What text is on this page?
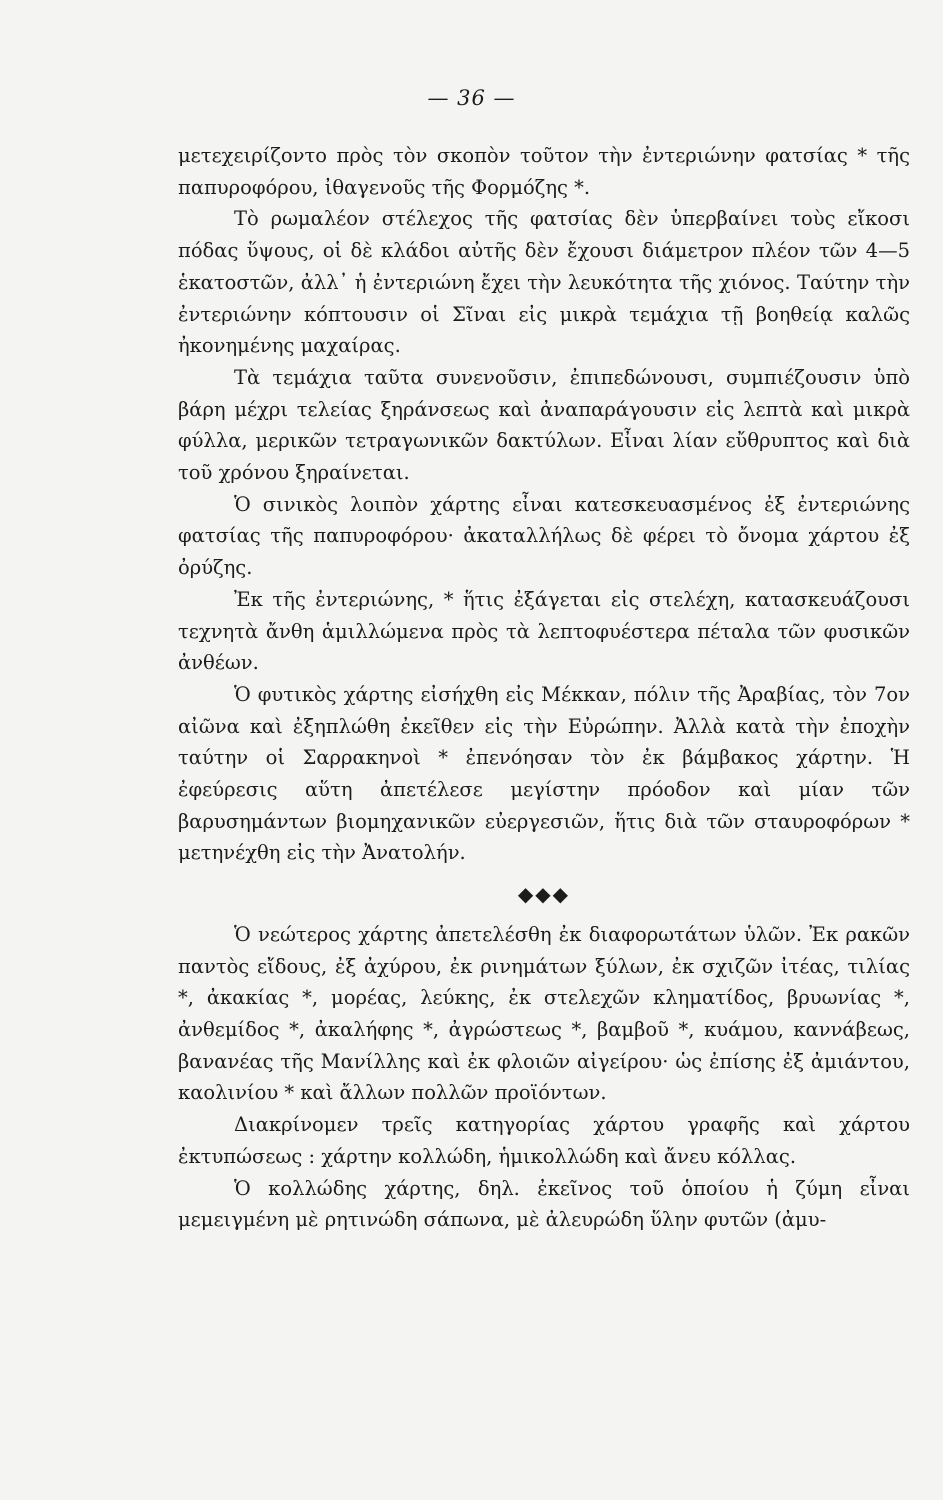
— 36 —

μετεχειρίζοντο πρὸς τὸν σκοπὸν τοῦτον τὴν ἐντεριώνην φατσίας * τῆς παπυροφόρου, ἰθαγενοῦς τῆς Φορμόζης *.

Τὸ ρωμαλέον στέλεχος τῆς φατσίας δὲν ὑπερβαίνει τοὺς εἴκοσι πόδας ὕψους, οἱ δὲ κλάδοι αὐτῆς δὲν ἔχουσι διάμετρον πλέον τῶν 4—5 ἑκατοστῶν, ἀλλ᾽ ἡ ἐντεριώνη ἔχει τὴν λευκότητα τῆς χιόνος. Ταύτην τὴν ἐντεριώνην κόπτουσιν οἱ Σῖναι εἰς μικρὰ τεμάχια τῇ βοηθείᾳ καλῶς ἠκονημένης μαχαίρας.

Τὰ τεμάχια ταῦτα συνενοῦσιν, ἐπιπεδώνουσι, συμπιέζουσιν ὑπὸ βάρη μέχρι τελείας ξηράνσεως καὶ ἀναπαράγουσιν εἰς λεπτὰ καὶ μικρὰ φύλλα, μερικῶν τετραγωνικῶν δακτύλων. Εἶναι λίαν εὔθρυπτος καὶ διὰ τοῦ χρόνου ξηραίνεται.

Ὁ σινικὸς λοιπὸν χάρτης εἶναι κατεσκευασμένος ἐξ ἐντεριώνης φατσίας τῆς παπυροφόρου· ἀκαταλλήλως δὲ φέρει τὸ ὄνομα χάρτου ἐξ ὀρύζης.

Ἐκ τῆς ἐντεριώνης, * ἥτις ἐξάγεται εἰς στελέχη, κατασκευάζουσι τεχνητὰ ἄνθη ἁμιλλώμενα πρὸς τὰ λεπτοφυέστερα πέταλα τῶν φυσικῶν ἀνθέων.

Ὁ φυτικὸς χάρτης εἰσήχθη εἰς Μέκκαν, πόλιν τῆς Ἀραβίας, τὸν 7ον αἰῶνα καὶ ἐξηπλώθη ἐκεῖθεν εἰς τὴν Εὐρώπην. Ἀλλὰ κατὰ τὴν ἐποχὴν ταύτην οἱ Σαρρακηνοὶ * ἐπενόησαν τὸν ἐκ βάμβακος χάρτην. Ἡ ἐφεύρεσις αὕτη ἀπετέλεσε μεγίστην πρόοδον καὶ μίαν τῶν βαρυσημάντων βιομηχανικῶν εὐεργεσιῶν, ἥτις διὰ τῶν σταυροφόρων * μετηνέχθη εἰς τὴν Ἀνατολήν.

◆◆◆

Ὁ νεώτερος χάρτης ἀπετελέσθη ἐκ διαφορωτάτων ὑλῶν. Ἐκ ρακῶν παντὸς εἴδους, ἐξ ἀχύρου, ἐκ ρινημάτων ξύλων, ἐκ σχιζῶν ἰτέας, τιλίας *, ἀκακίας *, μορέας, λεύκης, ἐκ στελεχῶν κληματίδος, βρυωνίας *, ἀνθεμίδος *, ἀκαλήφης *, ἀγρώστεως *, βαμβοῦ *, κυάμου, καννάβεως, βανανέας τῆς Μανίλλης καὶ ἐκ φλοιῶν αἰγείρου· ὡς ἐπίσης ἐξ ἀμιάντου, καολινίου * καὶ ἄλλων πολλῶν προϊόντων.

Διακρίνομεν τρεῖς κατηγορίας χάρτου γραφῆς καὶ χάρτου ἐκτυπώσεως : χάρτην κολλώδη, ἡμικολλώδη καὶ ἄνευ κόλλας.

Ὁ κολλώδης χάρτης, δηλ. ἐκεῖνος τοῦ ὁποίου ἡ ζύμη εἶναι μεμειγμένη μὲ ρητινώδη σάπωνα, μὲ ἀλευρώδη ὕλην φυτῶν (ἀμυ-
